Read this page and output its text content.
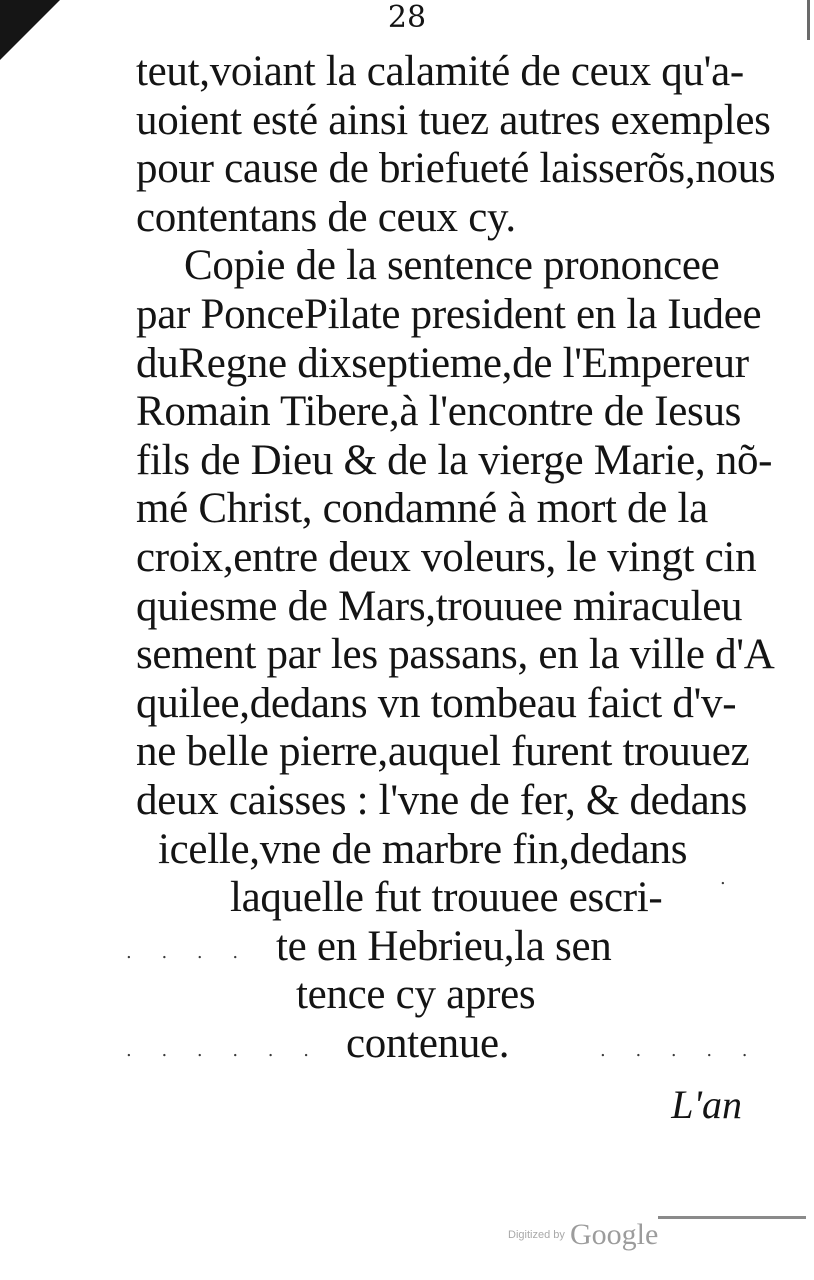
28
teut,voiant la calamité de ceux qu'a-
uoient esté ainsi tuez autres exemples
pour cause de briefueté laisserõs,nous
contentans de ceux cy.
Copie de la sentence prononcee
par PoncePilate president en la Iudee
duRegne dixseptieme,de l'Empereur
Romain Tibere,à l'encontre de Iesus
fils de Dieu & de la vierge Marie, nõ-
mé Christ, condamné à mort de la
croix,entre deux voleurs, le vingt cin
quiesme de Mars,trouuee miraculeu
sement par les passans, en la ville d'A
quilee,dedans vn tombeau faict d'v-
ne belle pierre,auquel furent trouuez
deux caisses : l'vne de fer, & dedans
icelle,vne de marbre fin,dedans
laquelle fut trouuee escri-
te en Hebrieu,la sen
tence cy apres
contenue.
L'an
. . . .
. . . . . .	. . . . .
.
Digitized by Google
